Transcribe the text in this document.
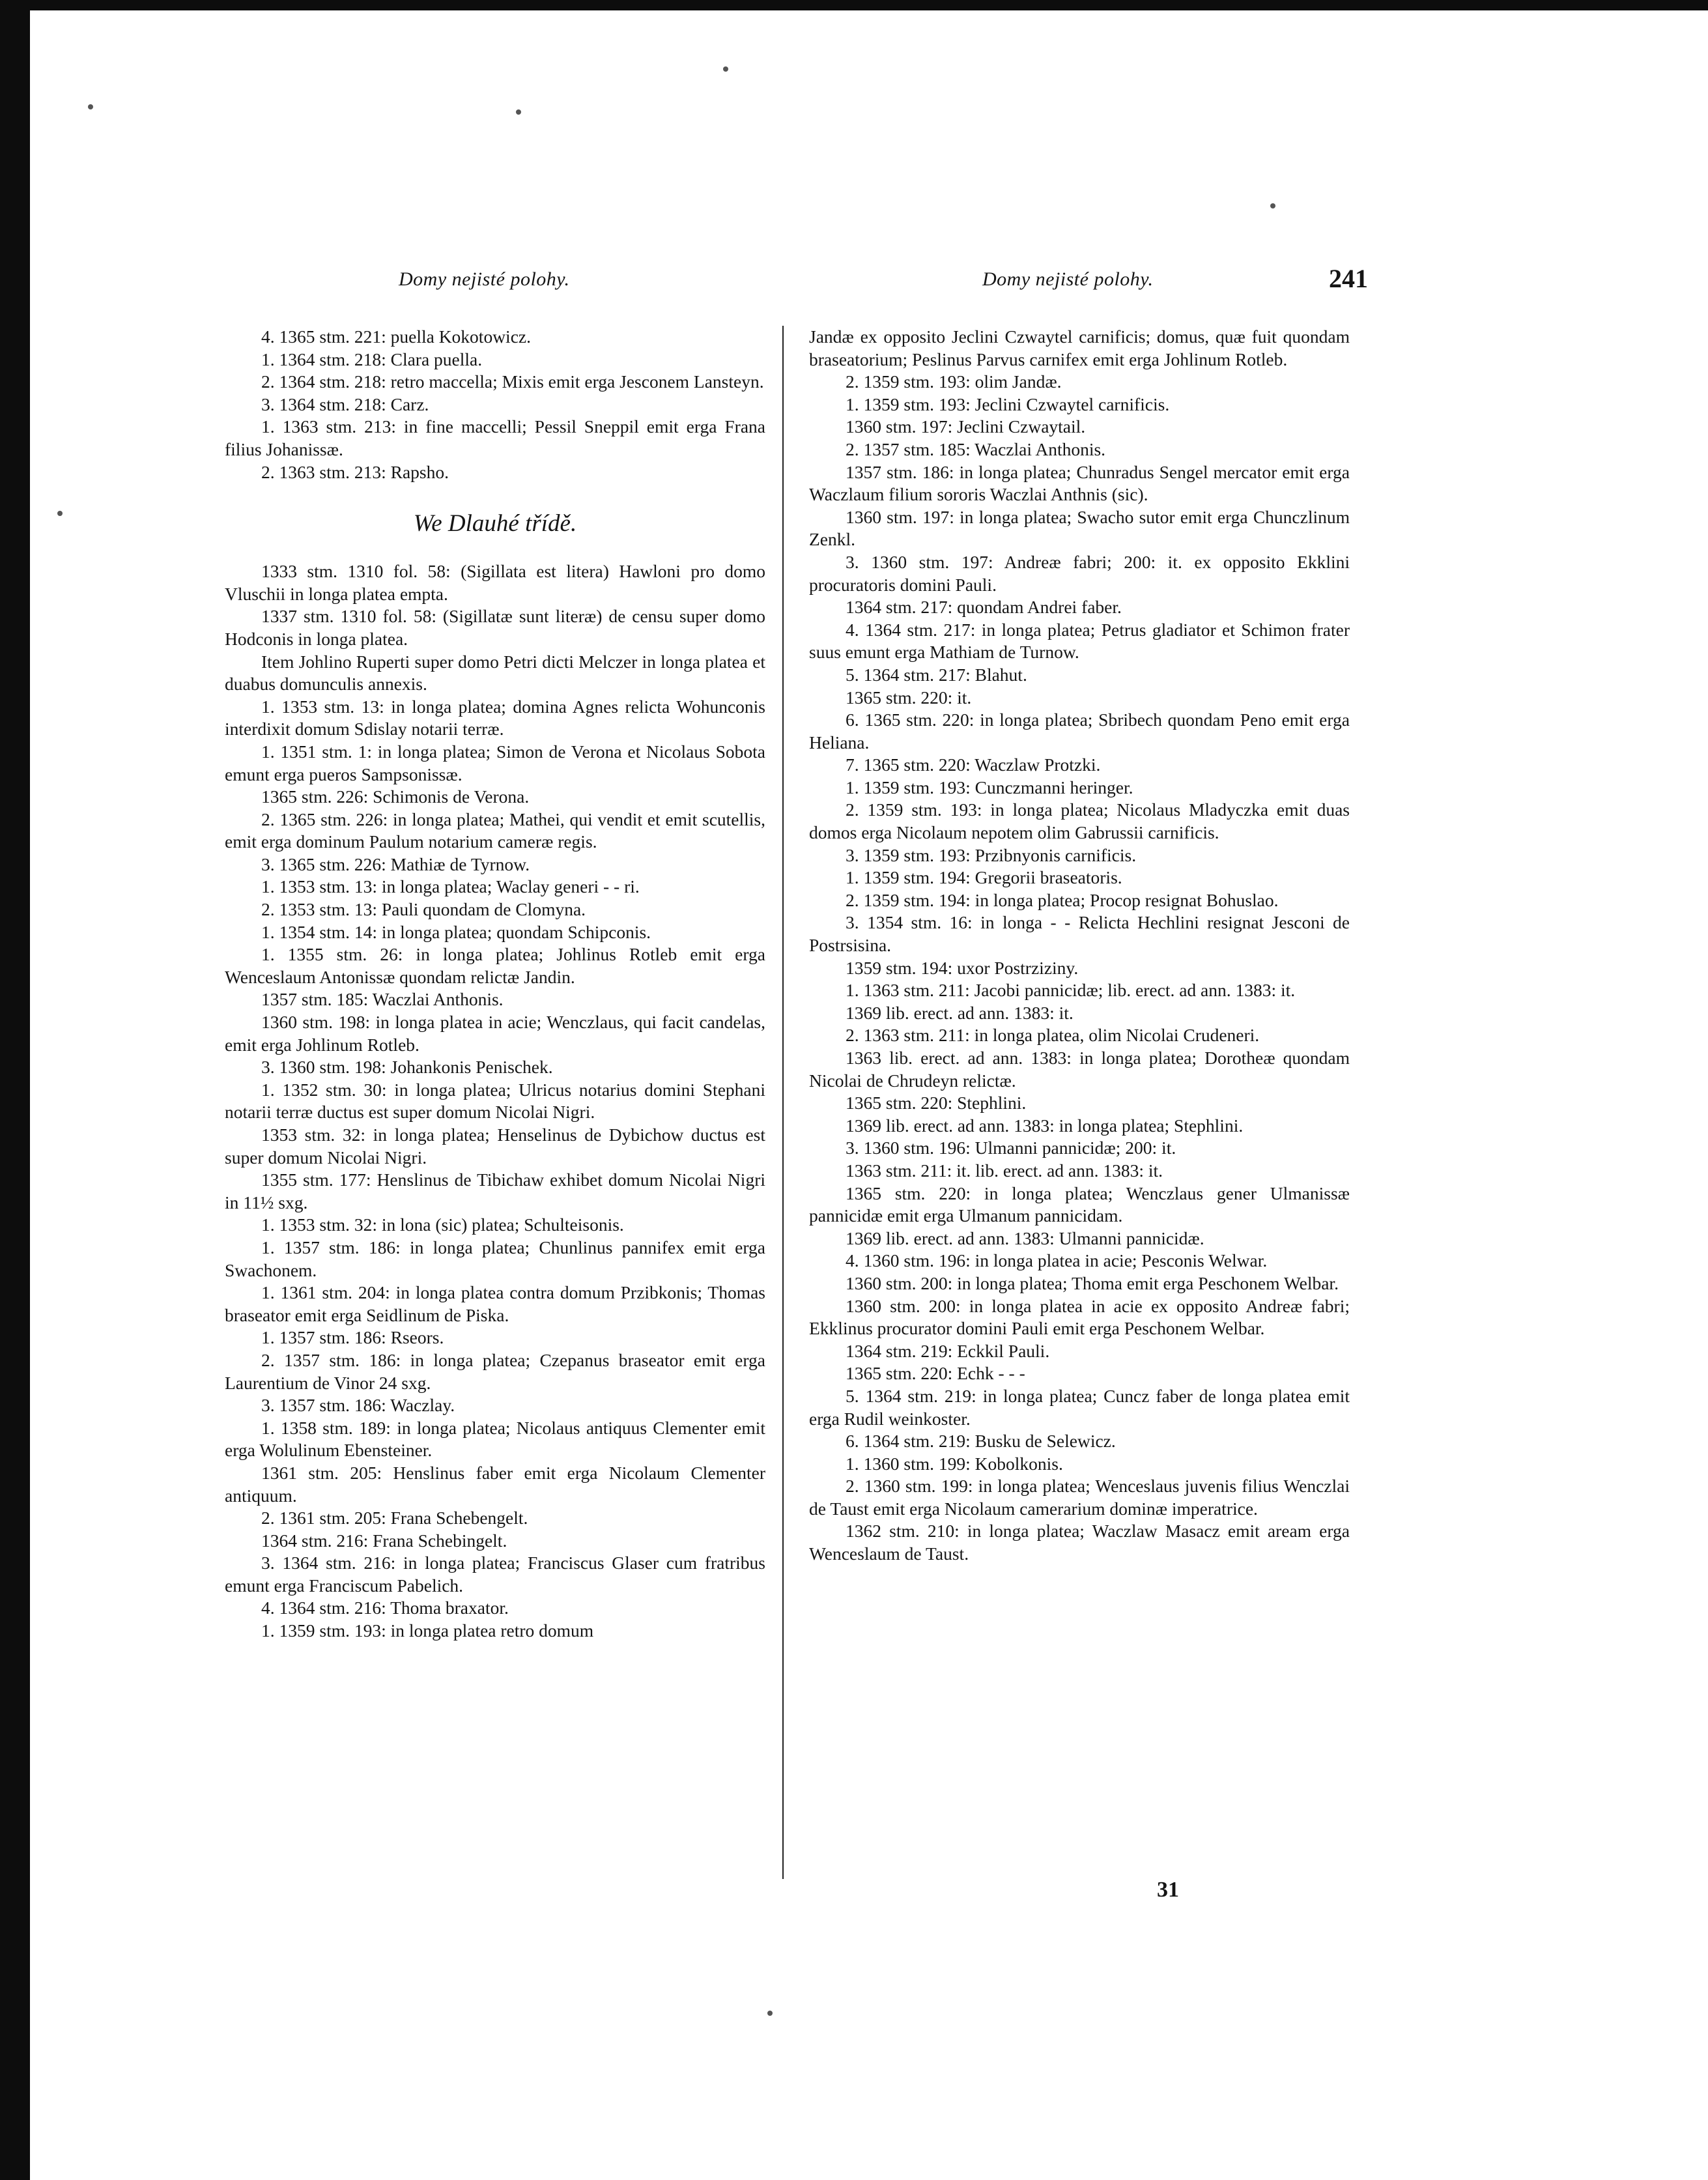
Domy nejisté polohy.	Domy nejisté polohy.	241

4. 1365 stm. 221: puella Kokotowicz.

1. 1364 stm. 218: Clara puella.

2. 1364 stm. 218: retro maccella; Mixis emit erga Jesconem Lansteyn.

3. 1364 stm. 218: Carz.

1. 1363 stm. 213: in fine maccelli; Pessil Sneppil emit erga Frana filius Johanissæ.

2. 1363 stm. 213: Rapsho.

We Dlauhé třídě.

1333 stm. 1310 fol. 58: (Sigillata est litera) Hawloni pro domo Vluschii in longa platea empta.

1337 stm. 1310 fol. 58: (Sigillatæ sunt literæ) de censu super domo Hodconis in longa platea.

Item Johlino Ruperti super domo Petri dicti Melczer in longa platea et duabus domunculis annexis.

1. 1353 stm. 13: in longa platea; domina Agnes relicta Wohunconis interdixit domum Sdislay notarii terræ.

1. 1351 stm. 1: in longa platea; Simon de Verona et Nicolaus Sobota emunt erga pueros Sampsonissæ.

1365 stm. 226: Schimonis de Verona.

2. 1365 stm. 226: in longa platea; Mathei, qui vendit et emit scutellis, emit erga dominum Paulum notarium cameræ regis.

3. 1365 stm. 226: Mathiæ de Tyrnow.

1. 1353 stm. 13: in longa platea; Waclay generi - - ri.

2. 1353 stm. 13: Pauli quondam de Clomyna.

1. 1354 stm. 14: in longa platea; quondam Schipconis.

1. 1355 stm. 26: in longa platea; Johlinus Rotleb emit erga Wenceslaum Antonissæ quondam relictæ Jandin.

1357 stm. 185: Waczlai Anthonis.

1360 stm. 198: in longa platea in acie; Wenczlaus, qui facit candelas, emit erga Johlinum Rotleb.

3. 1360 stm. 198: Johankonis Penischek.

1. 1352 stm. 30: in longa platea; Ulricus notarius domini Stephani notarii terræ ductus est super domum Nicolai Nigri.

1353 stm. 32: in longa platea; Henselinus de Dybichow ductus est super domum Nicolai Nigri.

1355 stm. 177: Henslinus de Tibichaw exhibet domum Nicolai Nigri in 11½ sxg.

1. 1353 stm. 32: in lona (sic) platea; Schulteisonis.

1. 1357 stm. 186: in longa platea; Chunlinus pannifex emit erga Swachonem.

1. 1361 stm. 204: in longa platea contra domum Przibkonis; Thomas braseator emit erga Seidlinum de Piska.

1. 1357 stm. 186: Rseors.

2. 1357 stm. 186: in longa platea; Czepanus braseator emit erga Laurentium de Vinor 24 sxg.

3. 1357 stm. 186: Waczlay.

1. 1358 stm. 189: in longa platea; Nicolaus antiquus Clementer emit erga Wolulinum Ebensteiner.

1361 stm. 205: Henslinus faber emit erga Nicolaum Clementer antiquum.

2. 1361 stm. 205: Frana Schebengelt.

1364 stm. 216: Frana Schebingelt.

3. 1364 stm. 216: in longa platea; Franciscus Glaser cum fratribus emunt erga Franciscum Pabelich.

4. 1364 stm. 216: Thoma braxator.

1. 1359 stm. 193: in longa platea retro domum

Jandæ ex opposito Jeclini Czwaytel carnificis; domus, quæ fuit quondam braseatorium; Peslinus Parvus carnifex emit erga Johlinum Rotleb.

2. 1359 stm. 193: olim Jandæ.

1. 1359 stm. 193: Jeclini Czwaytel carnificis.

1360 stm. 197: Jeclini Czwaytail.

2. 1357 stm. 185: Waczlai Anthonis.

1357 stm. 186: in longa platea; Chunradus Sengel mercator emit erga Waczlaum filium sororis Waczlai Anthnis (sic).

1360 stm. 197: in longa platea; Swacho sutor emit erga Chunczlinum Zenkl.

3. 1360 stm. 197: Andreæ fabri; 200: it. ex opposito Ekklini procuratoris domini Pauli.

1364 stm. 217: quondam Andrei faber.

4. 1364 stm. 217: in longa platea; Petrus gladiator et Schimon frater suus emunt erga Mathiam de Turnow.

5. 1364 stm. 217: Blahut.

1365 stm. 220: it.

6. 1365 stm. 220: in longa platea; Sbribech quondam Peno emit erga Heliana.

7. 1365 stm. 220: Waczlaw Protzki.

1. 1359 stm. 193: Cunczmanni heringer.

2. 1359 stm. 193: in longa platea; Nicolaus Mladyczka emit duas domos erga Nicolaum nepotem olim Gabrussii carnificis.

3. 1359 stm. 193: Przibnyonis carnificis.

1. 1359 stm. 194: Gregorii braseatoris.

2. 1359 stm. 194: in longa platea; Procop resignat Bohuslao.

3. 1354 stm. 16: in longa - - Relicta Hechlini resignat Jesconi de Postrsisina.

1359 stm. 194: uxor Postrziziny.

1. 1363 stm. 211: Jacobi pannicidæ; lib. erect. ad ann. 1383: it.

1369 lib. erect. ad ann. 1383: it.

2. 1363 stm. 211: in longa platea, olim Nicolai Crudeneri.

1363 lib. erect. ad ann. 1383: in longa platea; Dorotheæ quondam Nicolai de Chrudeyn relictæ.

1365 stm. 220: Stephlini.

1369 lib. erect. ad ann. 1383: in longa platea; Stephlini.

3. 1360 stm. 196: Ulmanni pannicidæ; 200: it.

1363 stm. 211: it. lib. erect. ad ann. 1383: it.

1365 stm. 220: in longa platea; Wenczlaus gener Ulmanissæ pannicidæ emit erga Ulmanum pannicidam.

1369 lib. erect. ad ann. 1383: Ulmanni pannicidæ.

4. 1360 stm. 196: in longa platea in acie; Pesconis Welwar.

1360 stm. 200: in longa platea; Thoma emit erga Peschonem Welbar.

1360 stm. 200: in longa platea in acie ex opposito Andreæ fabri; Ekklinus procurator domini Pauli emit erga Peschonem Welbar.

1364 stm. 219: Eckkil Pauli.

1365 stm. 220: Echk - - -

5. 1364 stm. 219: in longa platea; Cuncz faber de longa platea emit erga Rudil weinkoster.

6. 1364 stm. 219: Busku de Selewicz.

1. 1360 stm. 199: Kobolkonis.

2. 1360 stm. 199: in longa platea; Wenceslaus juvenis filius Wenczlai de Taust emit erga Nicolaum camerarium dominæ imperatrice.

1362 stm. 210: in longa platea; Waczlaw Masacz emit aream erga Wenceslaum de Taust.

31
